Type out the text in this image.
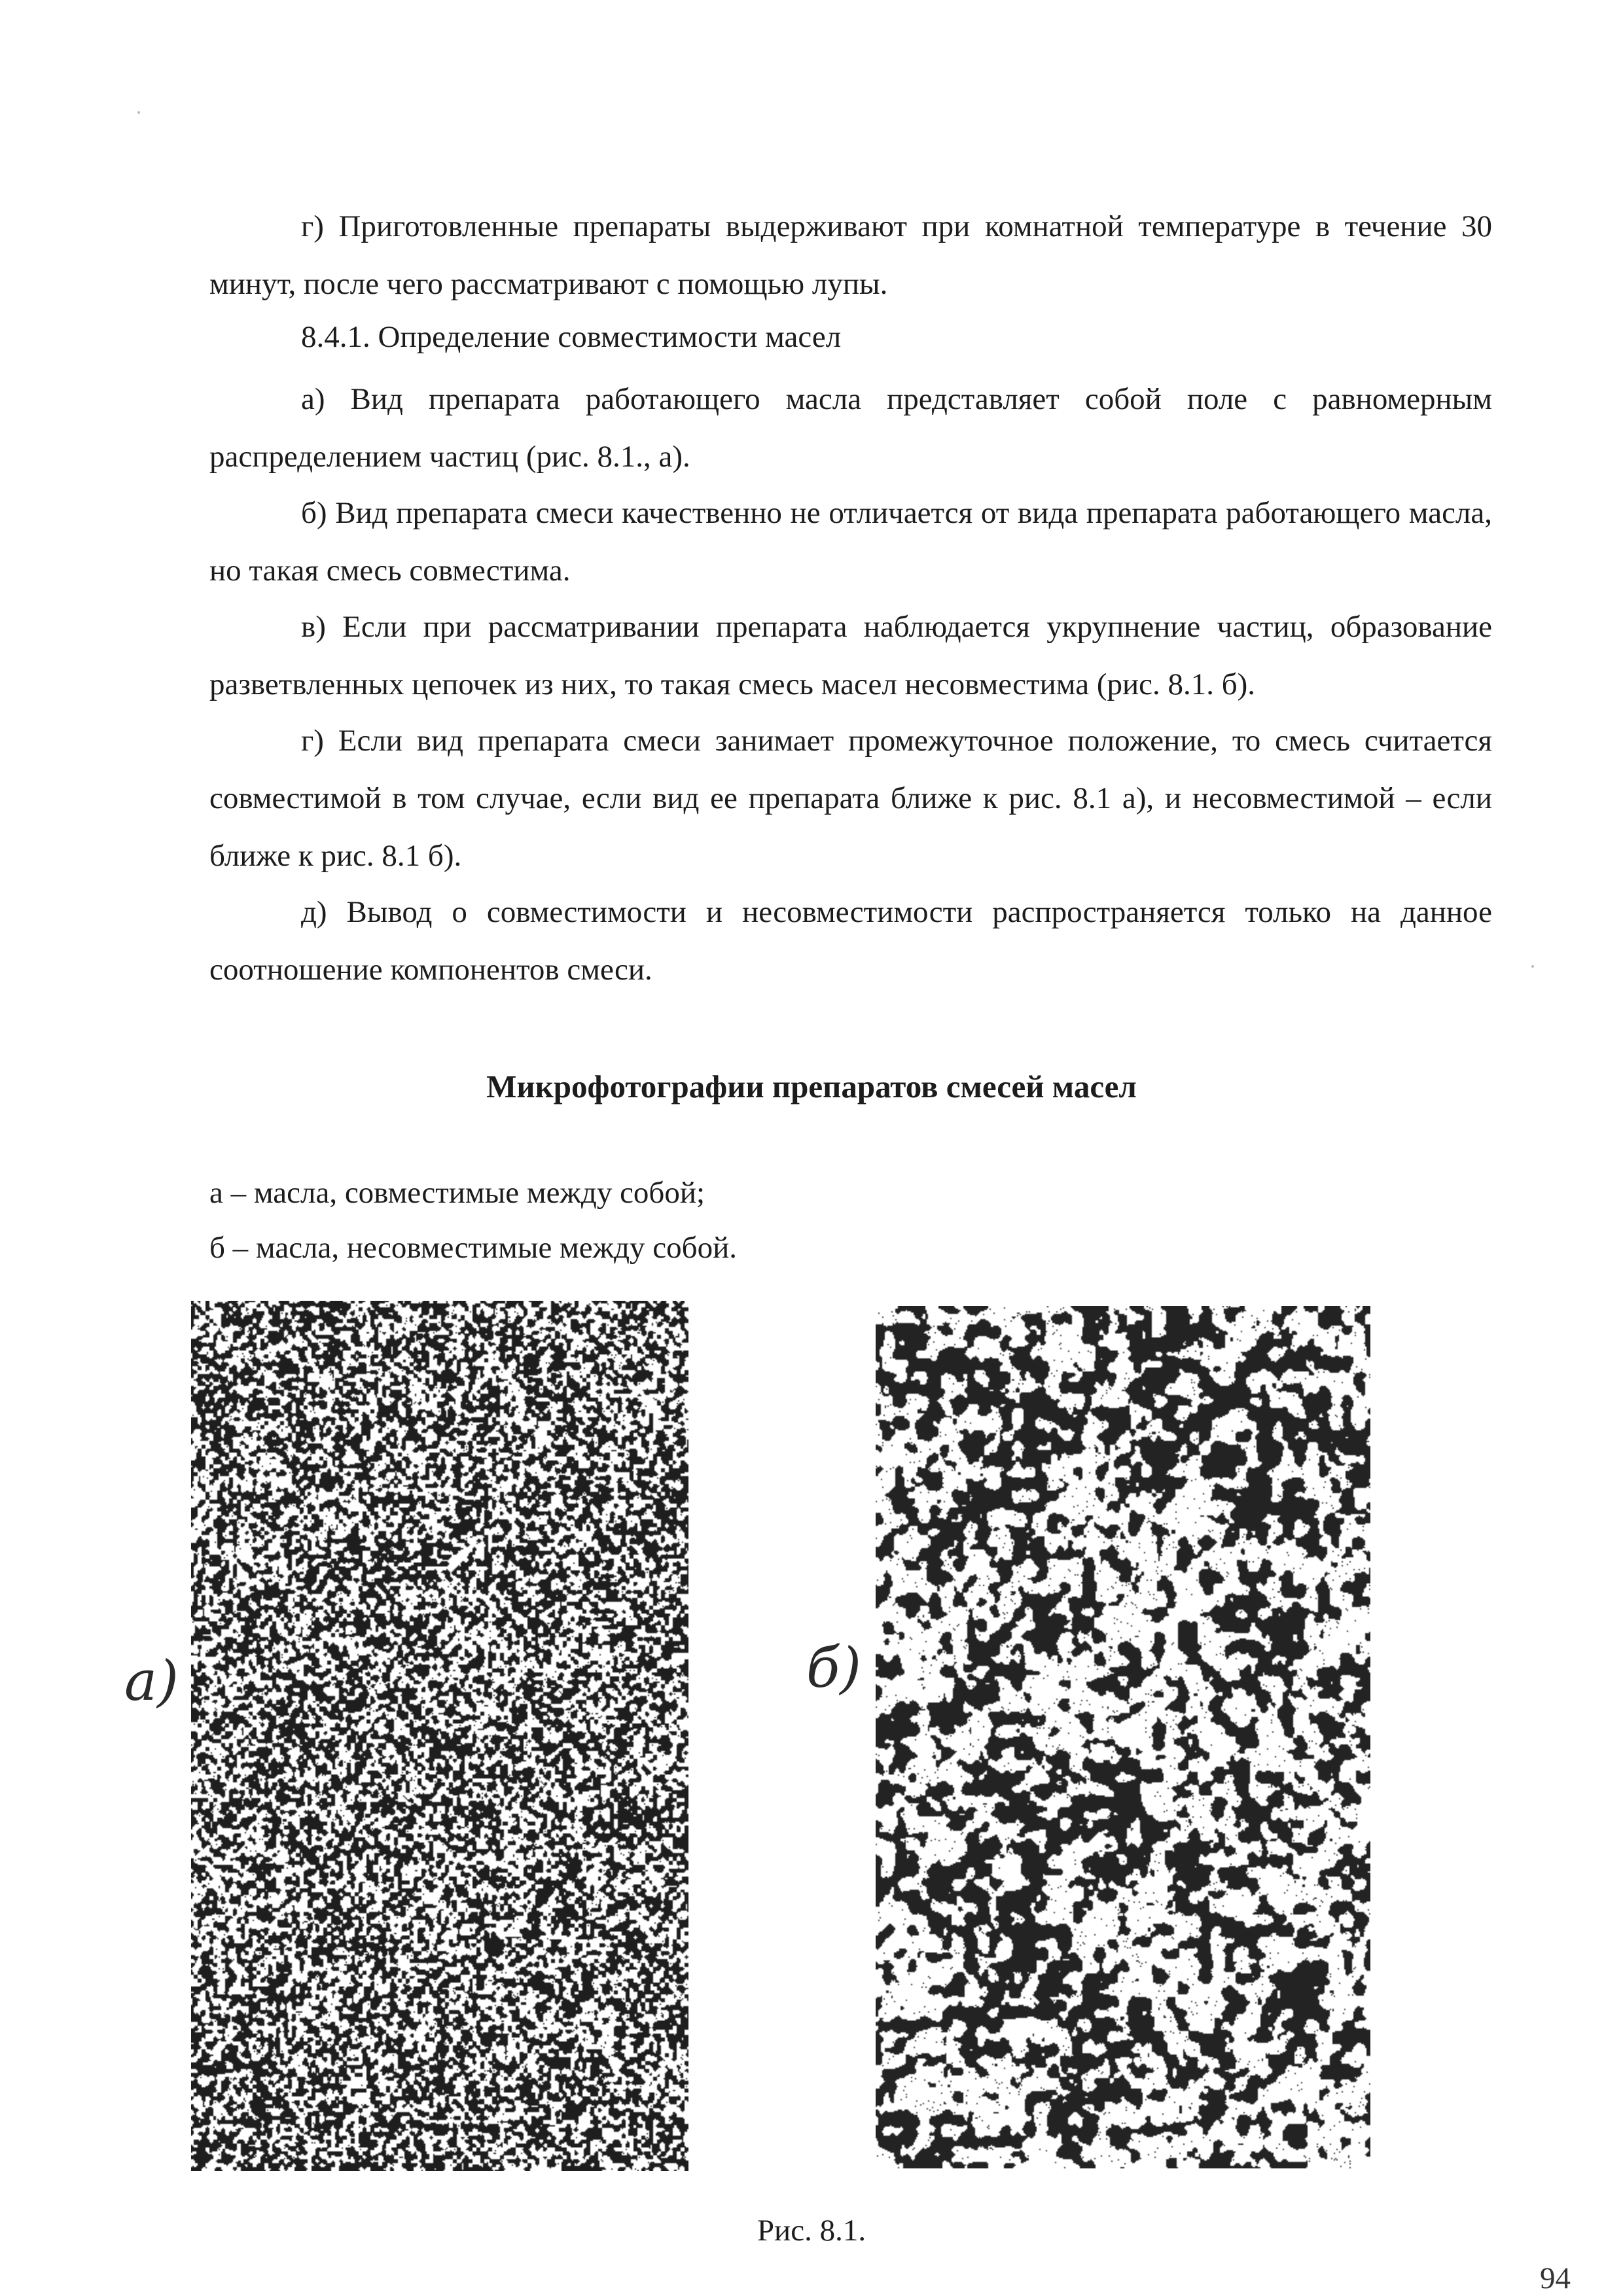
г) Приготовленные препараты выдерживают при комнатной температуре в течение 30 минут, после чего рассматривают с помощью лупы.

8.4.1. Определение совместимости масел

а) Вид препарата работающего масла представляет собой поле с равномерным распределением частиц (рис. 8.1., а).

б) Вид препарата смеси качественно не отличается от вида препарата работающего масла, но такая смесь совместима.

в) Если при рассматривании препарата наблюдается укрупнение частиц, образование разветвленных цепочек из них, то такая смесь масел несовместима (рис. 8.1. б).

г) Если вид препарата смеси занимает промежуточное положение, то смесь считается совместимой в том случае, если вид ее препарата ближе к рис. 8.1 а), и несовместимой – если ближе к рис. 8.1 б).

д) Вывод о совместимости и несовместимости распространяется только на данное соотношение компонентов смеси.

Микрофотографии препаратов смесей масел

а – масла, совместимые между собой;

б – масла, несовместимые между собой.

а)	б)

Рис. 8.1.

94
